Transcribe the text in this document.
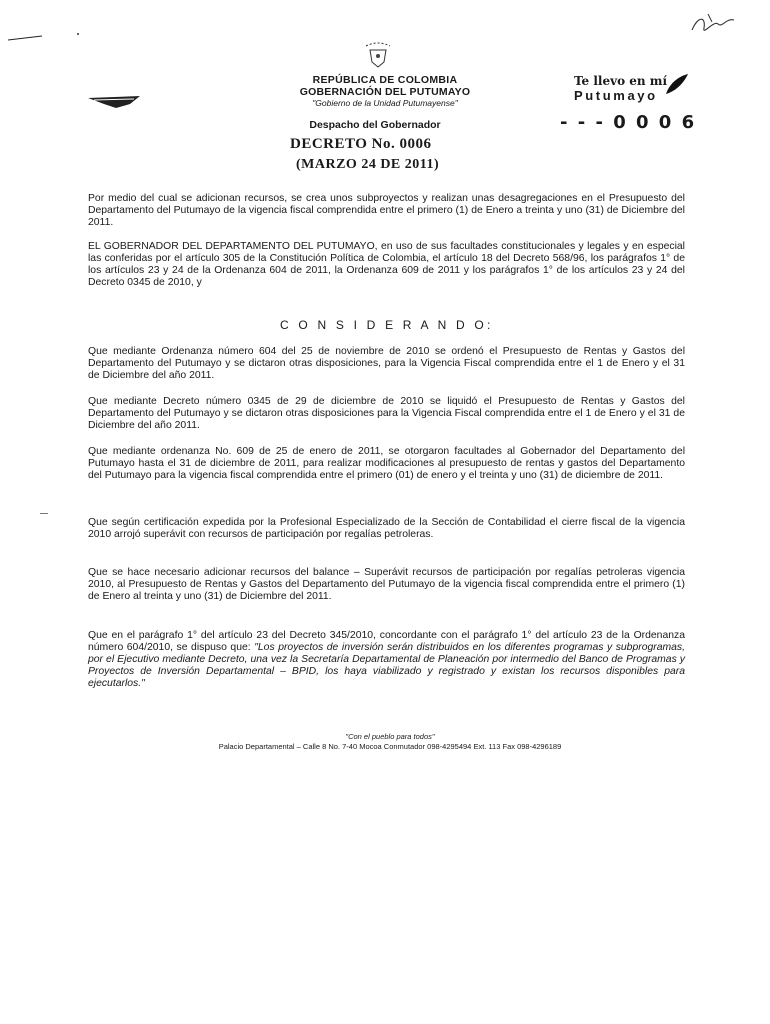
REPÚBLICA DE COLOMBIA

GOBERNACIÓN DEL PUTUMAYO

"Gobierno de la Unidad Putumayense"

Despacho del Gobernador

Te llevo en mí

Putumayo

- - - 0 0 0 6

DECRETO No. 0006

(MARZO 24 DE 2011)

Por medio del cual se adicionan recursos, se crea unos subproyectos y realizan unas desagregaciones en el Presupuesto del Departamento del Putumayo de la vigencia fiscal comprendida entre el primero (1) de Enero a treinta y uno (31) de Diciembre del 2011.

EL GOBERNADOR DEL DEPARTAMENTO DEL PUTUMAYO, en uso de sus facultades constitucionales y legales y en especial las conferidas por el artículo 305 de la Constitución Política de Colombia, el artículo 18 del Decreto 568/96, los parágrafos 1° de los artículos 23 y 24 de la Ordenanza 604 de 2011, la Ordenanza 609 de 2011 y los parágrafos 1° de los artículos 23 y 24 del Decreto 0345 de 2010, y

C O N S I D E R A N D O:

Que mediante Ordenanza número 604 del 25 de noviembre de 2010 se ordenó el Presupuesto de Rentas y Gastos del Departamento del Putumayo y se dictaron otras disposiciones, para la Vigencia Fiscal comprendida entre el 1 de Enero y el 31 de Diciembre del año 2011.

Que mediante Decreto número 0345 de 29 de diciembre de 2010 se liquidó el Presupuesto de Rentas y Gastos del Departamento del Putumayo y se dictaron otras disposiciones para la Vigencia Fiscal comprendida entre el 1 de Enero y el 31 de Diciembre del año 2011.

Que mediante ordenanza No. 609 de 25 de enero de 2011, se otorgaron facultades al Gobernador del Departamento del Putumayo hasta el 31 de diciembre de 2011, para realizar modificaciones al presupuesto de rentas y gastos del Departamento del Putumayo para la vigencia fiscal comprendida entre el primero (01) de enero y el treinta y uno (31) de diciembre de 2011.

Que según certificación expedida por la Profesional Especializado de la Sección de Contabilidad el cierre fiscal de la vigencia 2010 arrojó superávit con recursos de participación por regalías petroleras.

Que se hace necesario adicionar recursos del balance – Superávit recursos de participación por regalías petroleras vigencia 2010, al Presupuesto de Rentas y Gastos del Departamento del Putumayo de la vigencia fiscal comprendida entre el primero (1) de Enero al treinta y uno (31) de Diciembre del 2011.

Que en el parágrafo 1° del artículo 23 del Decreto 345/2010, concordante con el parágrafo 1° del artículo 23 de la Ordenanza número 604/2010, se dispuso que: "Los proyectos de inversión serán distribuidos en los diferentes programas y subprogramas, por el Ejecutivo mediante Decreto, una vez la Secretaría Departamental de Planeación por intermedio del Banco de Programas y Proyectos de Inversión Departamental – BPID, los haya viabilizado y registrado y existan los recursos disponibles para ejecutarlos."

"Con el pueblo para todos"

Palacio Departamental – Calle 8 No. 7-40 Mocoa Conmutador 098-4295494 Ext. 113 Fax 098-4296189
